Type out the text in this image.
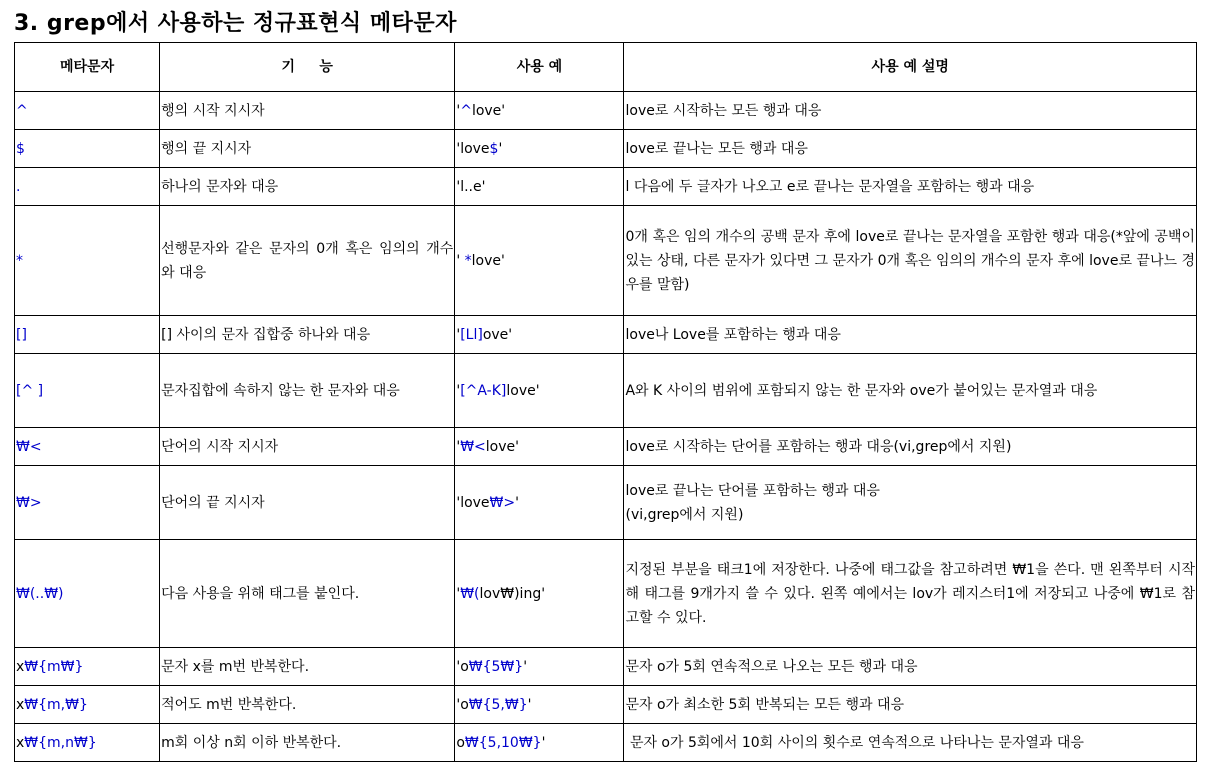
3. grep에서 사용하는 정규표현식 메타문자
메타문자	기     능	사용 예	사용 예 설명
^	행의 시작 지시자	'^love'	love로 시작하는 모든 행과 대응
$	행의 끝 지시자	'love$'	love로 끝나는 모든 행과 대응
.	하나의 문자와 대응	'l..e'	l 다음에 두 글자가 나오고 e로 끝나는 문자열을 포함하는 행과 대응
*	선행문자와 같은 문자의 0개 혹은 임의의 개수와 대응	' *love'	0개 혹은 임의 개수의 공백 문자 후에 love로 끝나는 문자열을 포함한 행과 대응(*앞에 공백이 있는 상태, 다른 문자가 있다면 그 문자가 0개 혹은 임의의 개수의 문자 후에 love로 끝나느 경우를 말함)
[]	[] 사이의 문자 집합중 하나와 대응	'[Ll]ove'	love나 Love를 포함하는 행과 대응
[^ ]	문자집합에 속하지 않는 한 문자와 대응	'[^A-K]love'	A와 K 사이의 범위에 포함되지 않는 한 문자와 ove가 붙어있는 문자열과 대응
₩<	단어의 시작 지시자	'₩<love'	love로 시작하는 단어를 포함하는 행과 대응(vi,grep에서 지원)
₩>	단어의 끝 지시자	'love₩>'	love로 끝나는 단어를 포함하는 행과 대응
(vi,grep에서 지원)
₩(..₩)	다음 사용을 위해 태그를 붙인다.	'₩(lov₩)ing'	지정된 부분을 태크1에 저장한다. 나중에 태그값을 참고하려면 ₩1을 쓴다. 맨 왼쪽부터 시작해 태그를 9개가지 쓸 수 있다. 왼쪽 예에서는 lov가 레지스터1에 저장되고 나중에 ₩1로 참고할 수 있다.
x₩{m₩}	문자 x를 m번 반복한다.	'o₩{5₩}'	문자 o가 5회 연속적으로 나오는 모든 행과 대응
x₩{m,₩}	적어도 m번 반복한다.	'o₩{5,₩}'	문자 o가 최소한 5회 반복되는 모든 행과 대응
x₩{m,n₩}	m회 이상 n회 이하 반복한다.	o₩{5,10₩}'	문자 o가 5회에서 10회 사이의 횟수로 연속적으로 나타나는 문자열과 대응
